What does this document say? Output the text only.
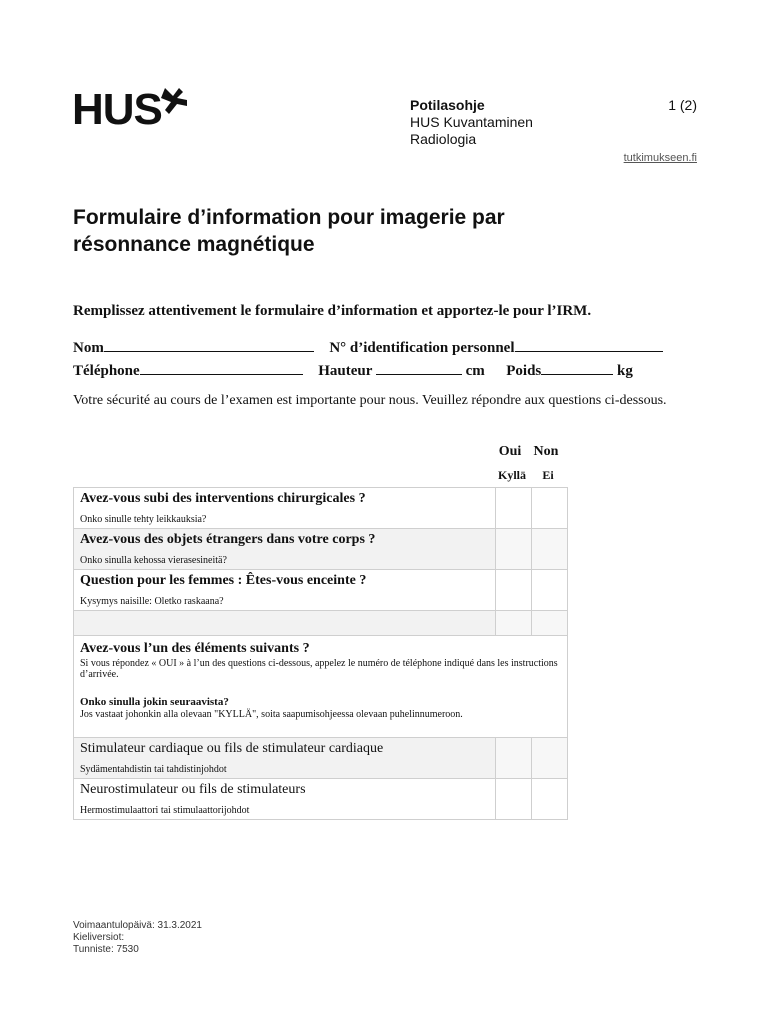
HUS	Potilasohje
HUS Kuvantaminen
Radiologia
1 (2)
tutkimukseen.fi
Formulaire d’information pour imagerie par
résonnance magnétique
Remplissez attentivement le formulaire d’information et apportez-le pour l’IRM.
Nom	N° d’identification personnel
Téléphone	Hauteur	cm Poids	kg
Votre sécurité au cours de l’examen est importante pour nous. Veuillez répondre aux questions ci-dessous.
Oui Non
Kyllä Ei
Avez-vous subi des interventions chirurgicales ?
Onko sinulle tehty leikkauksia?		

Avez-vous des objets étrangers dans votre corps ?
Onko sinulla kehossa vierasesineitä?		

Question pour les femmes : Êtes-vous enceinte ?
Kysymys naisille: Oletko raskaana?		

Avez-vous l’un des éléments suivants ?
Si vous répondez « OUI » à l’un des questions ci-dessous, appelez le numéro de téléphone indiqué dans les instructions d’arrivée.
Onko sinulla jokin seuraavista?
Jos vastaat johonkin alla olevaan "KYLLÄ", soita saapumisohjeessa olevaan puhelinnumeroon.		

Stimulateur cardiaque ou fils de stimulateur cardiaque
Sydämentahdistin tai tahdistinjohdot		

Neurostimulateur ou fils de stimulateurs
Hermostimulaattori tai stimulaattorijohdot		

Voimaantulopäivä: 31.3.2021
Kieliversiot:
Tunniste: 7530
